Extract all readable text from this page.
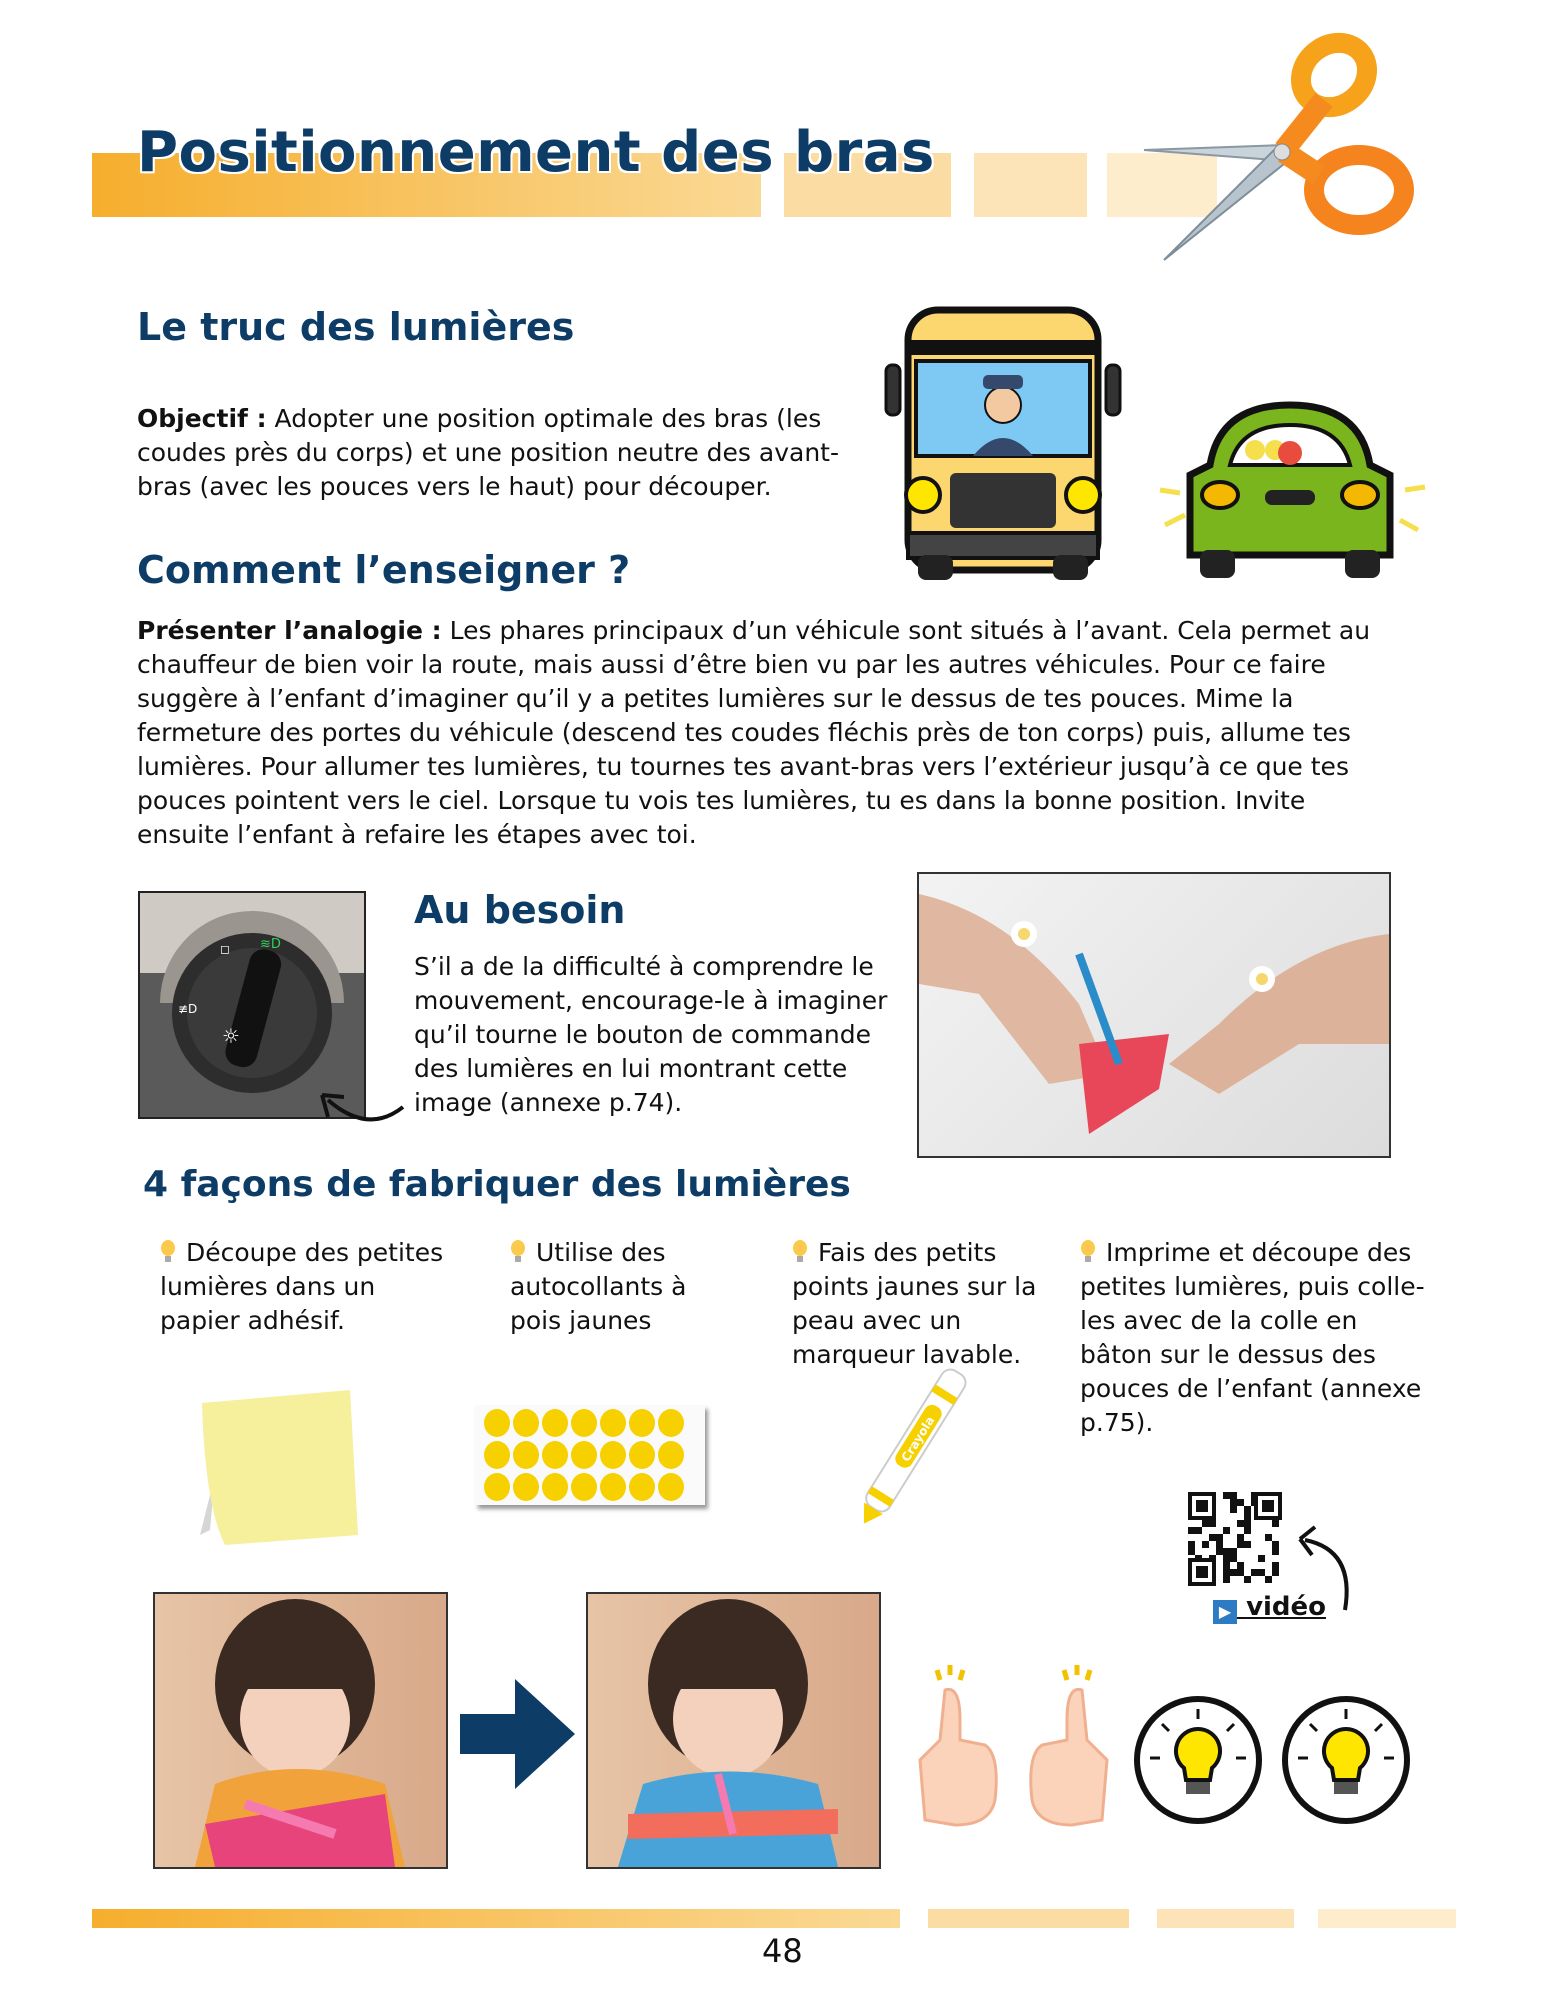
Positionnement des bras
Le truc des lumières
Objectif : Adopter une position optimale des bras (les coudes près du corps) et une position neutre des avant-bras (avec les pouces vers le haut) pour découper.
Comment l’enseigner ?
Présenter l’analogie : Les phares principaux d’un véhicule sont situés à l’avant. Cela permet au chauffeur de bien voir la route, mais aussi d’être bien vu par les autres véhicules. Pour ce faire suggère à l’enfant d’imaginer qu’il y a petites lumières sur le dessus de tes pouces. Mime la fermeture des portes du véhicule (descend tes coudes fléchis près de ton corps) puis, allume tes lumières. Pour allumer tes lumières, tu tournes tes avant-bras vers l’extérieur jusqu’à ce que tes pouces pointent vers le ciel. Lorsque tu vois tes lumières, tu es dans la bonne position. Invite ensuite l’enfant à refaire les étapes avec toi.
≋D
◻
≢D
☼
Au besoin
S’il a de la difficulté à comprendre le mouvement, encourage-le à imaginer qu’il tourne le bouton de commande des lumières en lui montrant cette image (annexe p.74).
4 façons de fabriquer des lumières
Découpe des petites lumières dans un papier adhésif.
Utilise des autocollants à pois jaunes
Fais des petits points jaunes sur la peau avec un marqueur lavable.
Imprime et découpe des petites lumières, puis colle-les avec de la colle en bâton sur le dessus des pouces de l’enfant (annexe p.75).
Crayola
▶ vidéo
48
